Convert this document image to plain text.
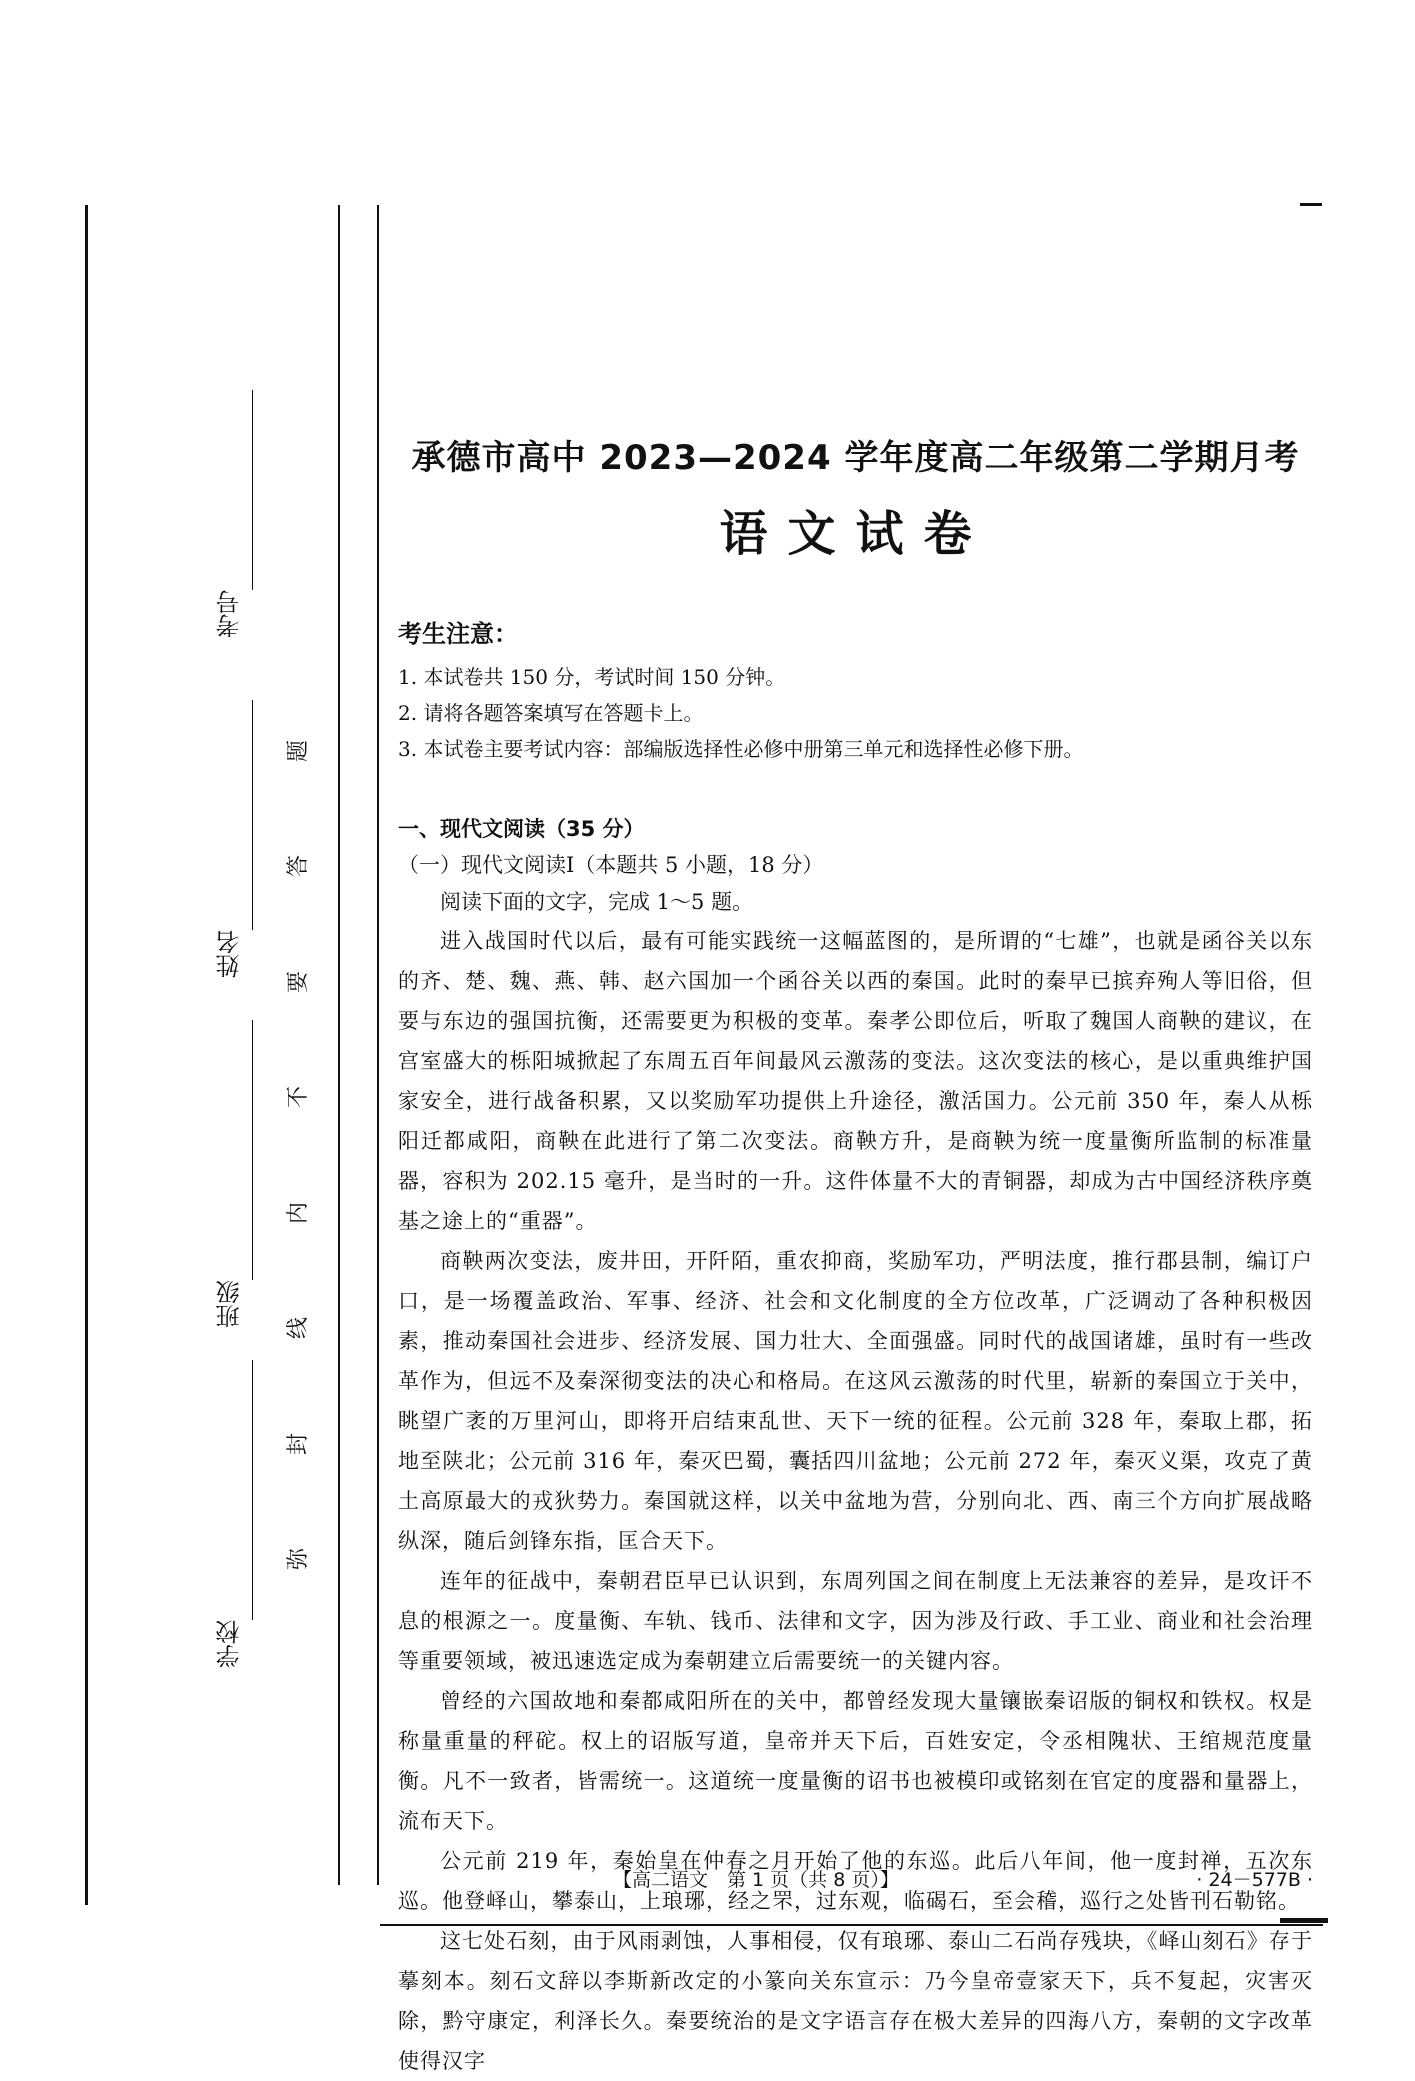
考号
姓名
班级
学校
弥
封
线
内
不
要
答
题
承德市高中 2023—2024 学年度高二年级第二学期月考
语文试卷
考生注意：
1. 本试卷共 150 分，考试时间 150 分钟。
2. 请将各题答案填写在答题卡上。
3. 本试卷主要考试内容：部编版选择性必修中册第三单元和选择性必修下册。
一、现代文阅读（35 分）
（一）现代文阅读Ⅰ（本题共 5 小题，18 分）

阅读下面的文字，完成 1～5 题。

进入战国时代以后，最有可能实践统一这幅蓝图的，是所谓的“七雄”，也就是函谷关以东的齐、楚、魏、燕、韩、赵六国加一个函谷关以西的秦国。此时的秦早已摈弃殉人等旧俗，但要与东边的强国抗衡，还需要更为积极的变革。秦孝公即位后，听取了魏国人商鞅的建议，在宫室盛大的栎阳城掀起了东周五百年间最风云激荡的变法。这次变法的核心，是以重典维护国家安全，进行战备积累，又以奖励军功提供上升途径，激活国力。公元前 350 年，秦人从栎阳迁都咸阳，商鞅在此进行了第二次变法。商鞅方升，是商鞅为统一度量衡所监制的标准量器，容积为 202.15 毫升，是当时的一升。这件体量不大的青铜器，却成为古中国经济秩序奠基之途上的“重器”。

商鞅两次变法，废井田，开阡陌，重农抑商，奖励军功，严明法度，推行郡县制，编订户口，是一场覆盖政治、军事、经济、社会和文化制度的全方位改革，广泛调动了各种积极因素，推动秦国社会进步、经济发展、国力壮大、全面强盛。同时代的战国诸雄，虽时有一些改革作为，但远不及秦深彻变法的决心和格局。在这风云激荡的时代里，崭新的秦国立于关中，眺望广袤的万里河山，即将开启结束乱世、天下一统的征程。公元前 328 年，秦取上郡，拓地至陕北；公元前 316 年，秦灭巴蜀，囊括四川盆地；公元前 272 年，秦灭义渠，攻克了黄土高原最大的戎狄势力。秦国就这样，以关中盆地为营，分别向北、西、南三个方向扩展战略纵深，随后剑锋东指，匡合天下。

连年的征战中，秦朝君臣早已认识到，东周列国之间在制度上无法兼容的差异，是攻讦不息的根源之一。度量衡、车轨、钱币、法律和文字，因为涉及行政、手工业、商业和社会治理等重要领域，被迅速选定成为秦朝建立后需要统一的关键内容。

曾经的六国故地和秦都咸阳所在的关中，都曾经发现大量镶嵌秦诏版的铜权和铁权。权是称量重量的秤砣。权上的诏版写道，皇帝并天下后，百姓安定，令丞相隗状、王绾规范度量衡。凡不一致者，皆需统一。这道统一度量衡的诏书也被模印或铭刻在官定的度器和量器上，流布天下。

公元前 219 年，秦始皇在仲春之月开始了他的东巡。此后八年间，他一度封禅，五次东巡。他登峄山，攀泰山，上琅琊，经之罘，过东观，临碣石，至会稽，巡行之处皆刊石勒铭。

这七处石刻，由于风雨剥蚀，人事相侵，仅有琅琊、泰山二石尚存残块，《峄山刻石》存于摹刻本。刻石文辞以李斯新改定的小篆向关东宣示：乃今皇帝壹家天下，兵不复起，灾害灭除，黔守康定，利泽长久。秦要统治的是文字语言存在极大差异的四海八方，秦朝的文字改革使得汉字

【高二语文　第 1 页（共 8 页）】	· 24－577B ·
